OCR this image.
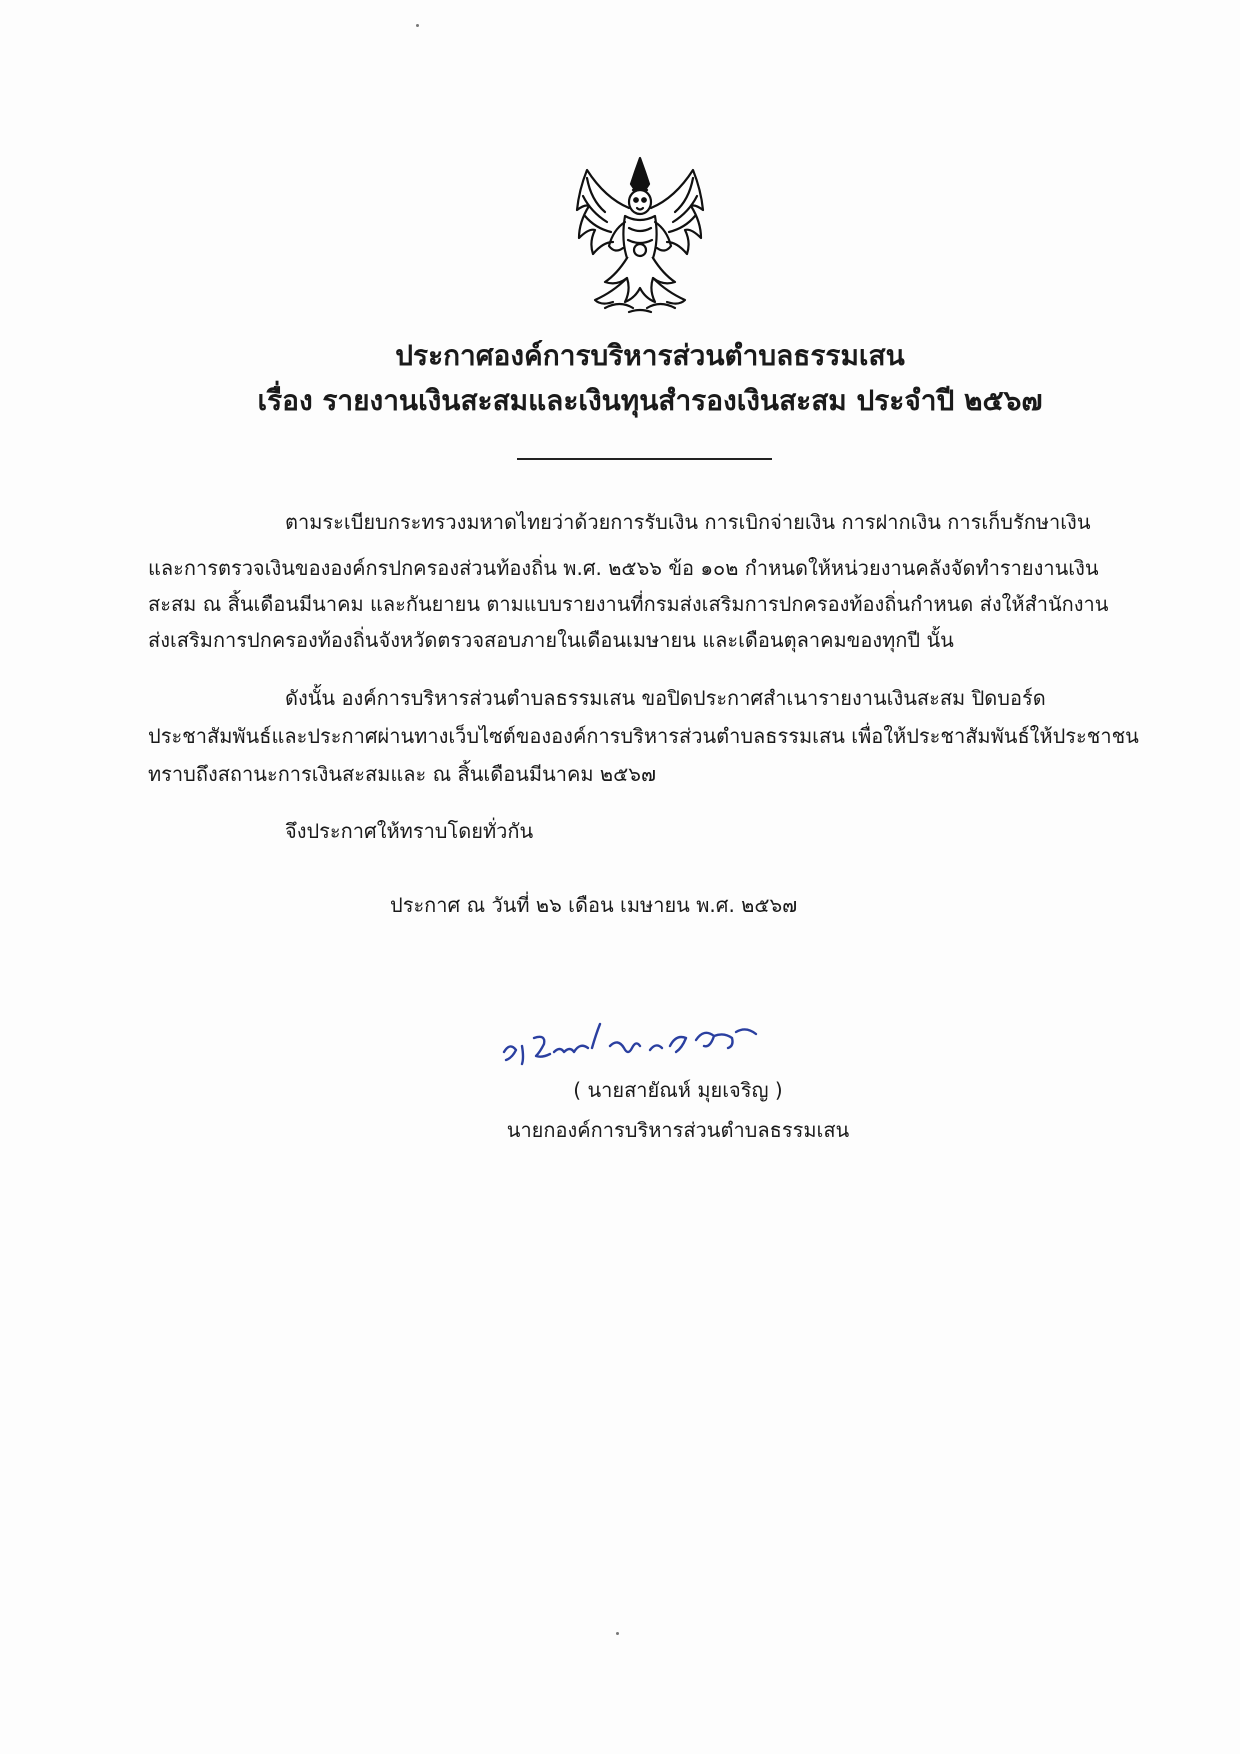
ประกาศองค์การบริหารส่วนตำบลธรรมเสน
เรื่อง รายงานเงินสะสมและเงินทุนสำรองเงินสะสม ประจำปี ๒๕๖๗
ตามระเบียบกระทรวงมหาดไทยว่าด้วยการรับเงิน การเบิกจ่ายเงิน การฝากเงิน การเก็บรักษาเงิน
และการตรวจเงินขององค์กรปกครองส่วนท้องถิ่น พ.ศ. ๒๕๖๖ ข้อ ๑๐๒ กำหนดให้หน่วยงานคลังจัดทำรายงานเงิน
สะสม ณ สิ้นเดือนมีนาคม และกันยายน ตามแบบรายงานที่กรมส่งเสริมการปกครองท้องถิ่นกำหนด ส่งให้สำนักงาน
ส่งเสริมการปกครองท้องถิ่นจังหวัดตรวจสอบภายในเดือนเมษายน และเดือนตุลาคมของทุกปี นั้น
ดังนั้น องค์การบริหารส่วนตำบลธรรมเสน ขอปิดประกาศสำเนารายงานเงินสะสม ปิดบอร์ด
ประชาสัมพันธ์และประกาศผ่านทางเว็บไซต์ขององค์การบริหารส่วนตำบลธรรมเสน เพื่อให้ประชาสัมพันธ์ให้ประชาชน
ทราบถึงสถานะการเงินสะสมและ ณ สิ้นเดือนมีนาคม ๒๕๖๗
จึงประกาศให้ทราบโดยทั่วกัน
ประกาศ ณ วันที่ ๒๖ เดือน เมษายน พ.ศ. ๒๕๖๗
( นายสายัณห์ มุยเจริญ )
นายกองค์การบริหารส่วนตำบลธรรมเสน
